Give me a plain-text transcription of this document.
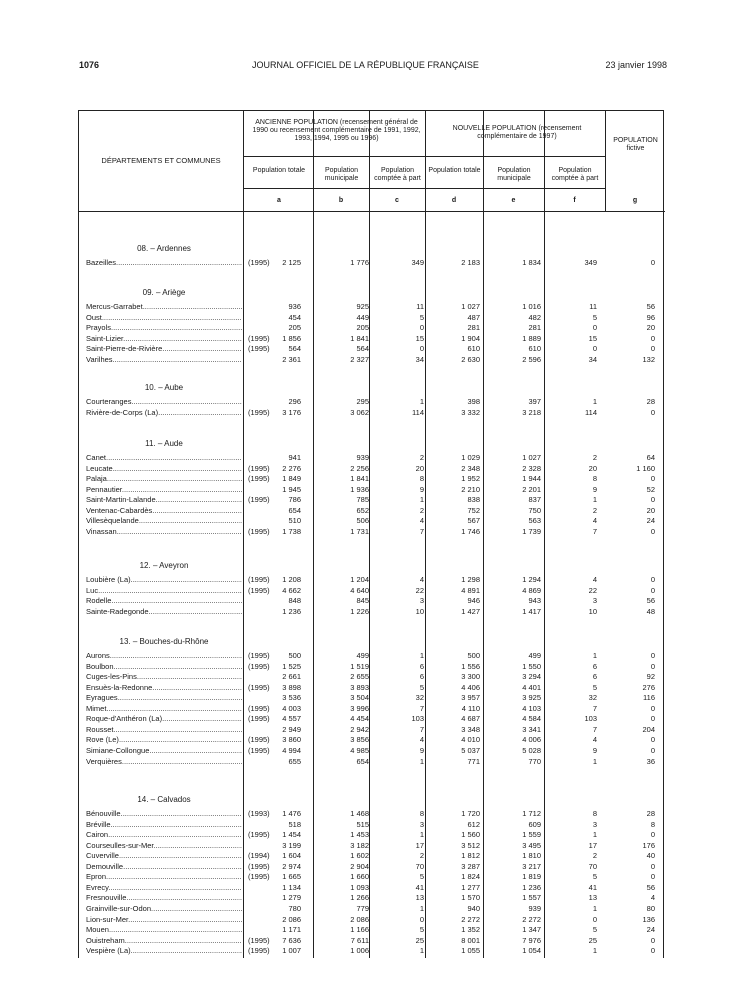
1076	JOURNAL OFFICIEL DE LA RÉPUBLIQUE FRANÇAISE	23 janvier 1998
DÉPARTEMENTS ET COMMUNES
ANCIENNE POPULATION (recensement général de 1990 ou recensement complémentaire de 1991, 1992, 1993, 1994, 1995 ou 1996)
NOUVELLE POPULATION (recensement complémentaire de 1997)
POPULATION fictive
Population totale	Population municipale
Population comptée à part
Population totale	Population municipale
Population comptée à part
a	b	c	d	e	f	g
08. – Ardennes
Bazeilles .....	(1995) 2 125	1 776	349	2 183	1 834	349	0
09. – Ariège
Mercus-Garrabet .....	936	925	11	1 027	1 016	11	56
Oust .....	454	449	5	487	482	5	96
Prayols .....	205	205	0	281	281	0	20
Saint-Lizier .....	(1995) 1 856	1 841	15	1 904	1 889	15	0
Saint-Pierre-de-Rivière .....	(1995)	564	564	0	610	610	0	0
Varilhes .....	2 361	2 327	34	2 630	2 596	34	132
10. – Aube
Courteranges .....	296	295	1	398	397	1	28
Rivière-de-Corps (La) .....	(1995) 3 176	3 062	114	3 332	3 218	114	0
11. – Aude
Canet .....	941	939	2	1 029	1 027	2	64
Leucate .....	(1995) 2 276	2 256	20	2 348	2 328	20	1 160
Palaja .....	(1995) 1 849	1 841	8	1 952	1 944	8	0
Pennautier .....	1 945	1 936	9	2 210	2 201	9	52
Saint-Martin-Lalande .....	(1995)	786	785	1	838	837	1	0
Ventenac-Cabardès .....	654	652	2	752	750	2	20
Villesèquelande .....	510	506	4	567	563	4	24
Vinassan .....	(1995) 1 738	1 731	7	1 746	1 739	7	0
12. – Aveyron
Loubière (La) .....	(1995) 1 208	1 204	4	1 298	1 294	4	0
Luc .....	(1995) 4 662	4 640	22	4 891	4 869	22	0
Rodelle .....	848	845	3	946	943	3	56
Sainte-Radegonde .....	1 236	1 226	10	1 427	1 417	10	48
13. – Bouches-du-Rhône
Aurons .....	(1995)	500	499	1	500	499	1	0
Boulbon .....	(1995) 1 525	1 519	6	1 556	1 550	6	0
Cuges-les-Pins .....	2 661	2 655	6	3 300	3 294	6	92
Ensuès-la-Redonne .....	(1995) 3 898	3 893	5	4 406	4 401	5	276
Eyragues .....	3 536	3 504	32	3 957	3 925	32	116
Mimet .....	(1995) 4 003	3 996	7	4 110	4 103	7	0
Roque-d'Anthéron (La) .....	(1995) 4 557	4 454	103	4 687	4 584	103	0
Rousset .....	2 949	2 942	7	3 348	3 341	7	204
Rove (Le) .....	(1995) 3 860	3 856	4	4 010	4 006	4	0
Simiane-Collongue .....	(1995) 4 994	4 985	9	5 037	5 028	9	0
Verquières .....	655	654	1	771	770	1	36
14. – Calvados
Bénouville .....	(1993) 1 476	1 468	8	1 720	1 712	8	28
Bréville .....	518	515	3	612	609	3	8
Cairon .....	(1995) 1 454	1 453	1	1 560	1 559	1	0
Courseulles-sur-Mer .....	3 199	3 182	17	3 512	3 495	17	176
Cuverville .....	(1994) 1 604	1 602	2	1 812	1 810	2	40
Demouville .....	(1995) 2 974	2 904	70	3 287	3 217	70	0
Epron .....	(1995) 1 665	1 660	5	1 824	1 819	5	0
Evrecy .....	1 134	1 093	41	1 277	1 236	41	56
Fresnouville .....	1 279	1 266	13	1 570	1 557	13	4
Grainville-sur-Odon .....	780	779	1	940	939	1	80
Lion-sur-Mer .....	2 086	2 086	0	2 272	2 272	0	136
Mouen .....	1 171	1 166	5	1 352	1 347	5	24
Ouistreham .....	(1995) 7 636	7 611	25	8 001	7 976	25	0
Vespière (La) .....	(1995) 1 007	1 006	1	1 055	1 054	1	0
